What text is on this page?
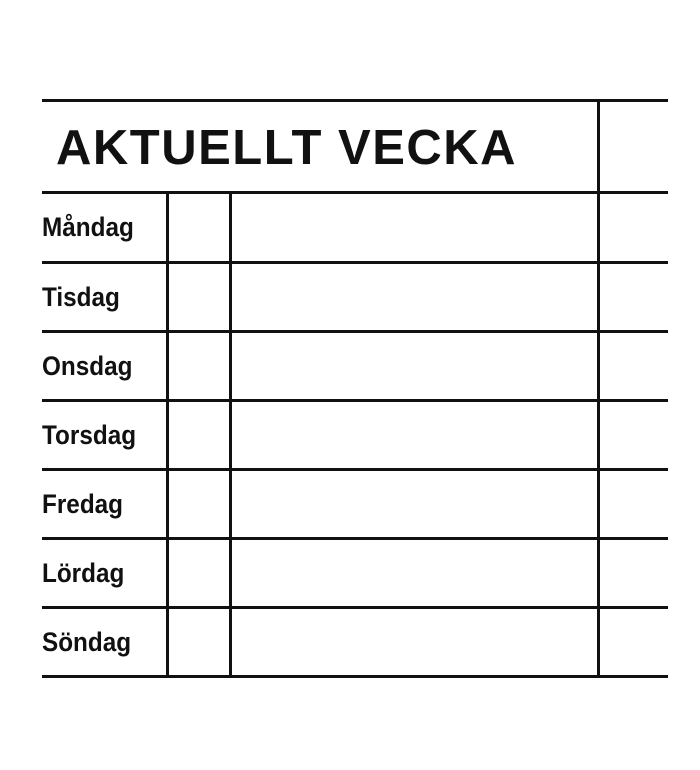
AKTUELLT VECKA
Måndag
Tisdag
Onsdag
Torsdag
Fredag
Lördag
Söndag
